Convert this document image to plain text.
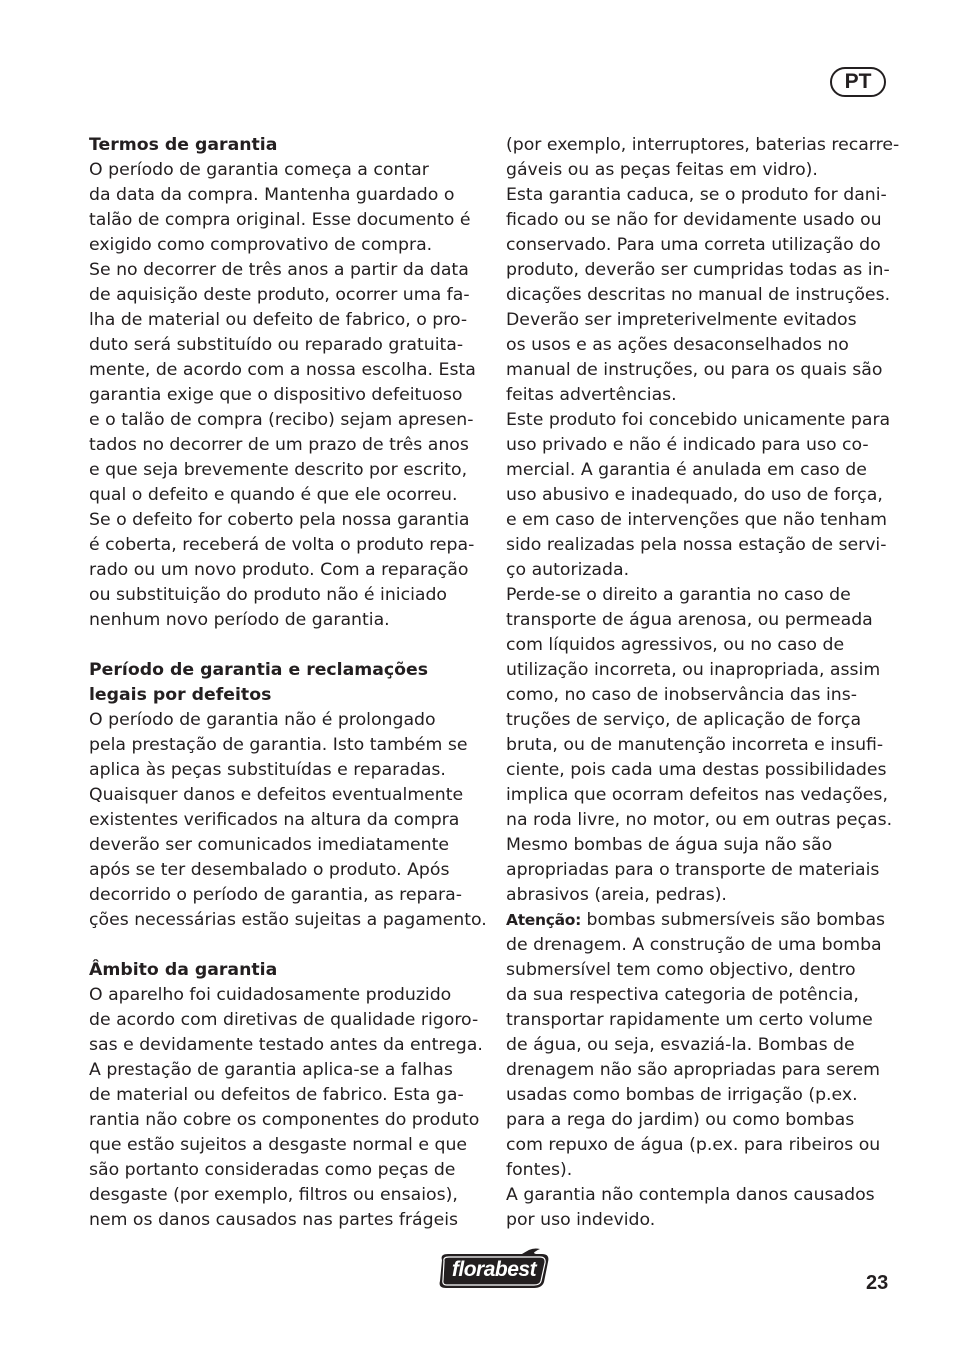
PT
Termos de garantia
O período de garantia começa a contar
da data da compra. Mantenha guardado o
talão de compra original. Esse documento é
exigido como comprovativo de compra.
Se no decorrer de três anos a partir da data
de aquisição deste produto, ocorrer uma fa-
lha de material ou defeito de fabrico, o pro-
duto será substituído ou reparado gratuita-
mente, de acordo com a nossa escolha. Esta
garantia exige que o dispositivo defeituoso
e o talão de compra (recibo) sejam apresen-
tados no decorrer de um prazo de três anos
e que seja brevemente descrito por escrito,
qual o defeito e quando é que ele ocorreu.
Se o defeito for coberto pela nossa garantia
é coberta, receberá de volta o produto repa-
rado ou um novo produto. Com a reparação
ou substituição do produto não é iniciado
nenhum novo período de garantia.
Período de garantia e reclamações
legais por defeitos
O período de garantia não é prolongado
pela prestação de garantia. Isto também se
aplica às peças substituídas e reparadas.
Quaisquer danos e defeitos eventualmente
existentes verificados na altura da compra
deverão ser comunicados imediatamente
após se ter desembalado o produto. Após
decorrido o período de garantia, as repara-
ções necessárias estão sujeitas a pagamento.
Âmbito da garantia
O aparelho foi cuidadosamente produzido
de acordo com diretivas de qualidade rigoro-
sas e devidamente testado antes da entrega.
A prestação de garantia aplica-se a falhas
de material ou defeitos de fabrico. Esta ga-
rantia não cobre os componentes do produto
que estão sujeitos a desgaste normal e que
são portanto consideradas como peças de
desgaste (por exemplo, filtros ou ensaios),
nem os danos causados nas partes frágeis
(por exemplo, interruptores, baterias recarre-
gáveis ou as peças feitas em vidro).
Esta garantia caduca, se o produto for dani-
ficado ou se não for devidamente usado ou
conservado. Para uma correta utilização do
produto, deverão ser cumpridas todas as in-
dicações descritas no manual de instruções.
Deverão ser impreterivelmente evitados
os usos e as ações desaconselhados no
manual de instruções, ou para os quais são
feitas advertências.
Este produto foi concebido unicamente para
uso privado e não é indicado para uso co-
mercial. A garantia é anulada em caso de
uso abusivo e inadequado, do uso de força,
e em caso de intervenções que não tenham
sido realizadas pela nossa estação de servi-
ço autorizada.
Perde-se o direito a garantia no caso de
transporte de água arenosa, ou permeada
com líquidos agressivos, ou no caso de
utilização incorreta, ou inapropriada, assim
como, no caso de inobservância das ins-
truções de serviço, de aplicação de força
bruta, ou de manutenção incorreta e insufi-
ciente, pois cada uma destas possibilidades
implica que ocorram defeitos nas vedações,
na roda livre, no motor, ou em outras peças.
Mesmo bombas de água suja não são
apropriadas para o transporte de materiais
abrasivos (areia, pedras).
Atenção: bombas submersíveis são bombas
de drenagem. A construção de uma bomba
submersível tem como objectivo, dentro
da sua respectiva categoria de potência,
transportar rapidamente um certo volume
de água, ou seja, esvaziá-la. Bombas de
drenagem não são apropriadas para serem
usadas como bombas de irrigação (p.ex.
para a rega do jardim) ou como bombas
com repuxo de água (p.ex. para ribeiros ou
fontes).
A garantia não contempla danos causados
por uso indevido.
florabest
23
